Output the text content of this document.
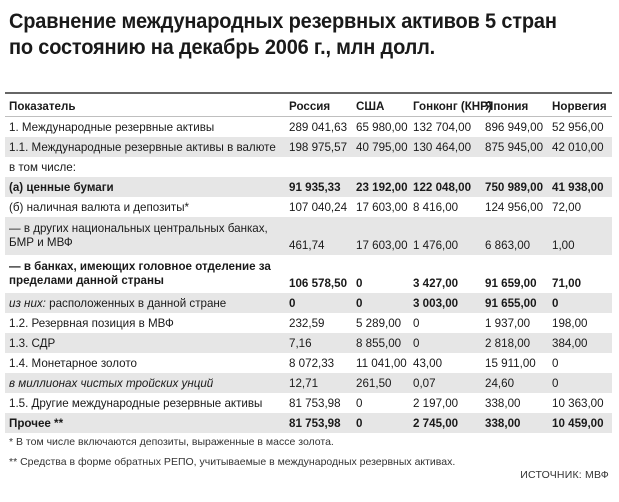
Сравнение международных резервных активов 5 стран
по состоянию на декабрь 2006 г., млн долл.
Показатель	Россия	США	Гонконг (КНР)	Япония	Норвегия
1. Международные резервные активы	289 041,63	65 980,00	132 704,00	896 949,00	52 956,00
1.1. Международные резервные активы в валюте	198 975,57	40 795,00	130 464,00	875 945,00	42 010,00
в том числе:					
(а) ценные бумаги	91 935,33	23 192,00	122 048,00	750 989,00	41 938,00
(б) наличная валюта и депозиты*	107 040,24	17 603,00	8 416,00	124 956,00	72,00
— в других национальных центральных банках, БМР и МВФ	461,74	17 603,00	1 476,00	6 863,00	1,00
— в банках, имеющих головное отделение за пределами данной страны	106 578,50	0	3 427,00	91 659,00	71,00
из них: расположенных в данной стране	0	0	3 003,00	91 655,00	0
1.2. Резервная позиция в МВФ	232,59	5 289,00	0	1 937,00	198,00
1.3. СДР	7,16	8 855,00	0	2 818,00	384,00
1.4. Монетарное золото	8 072,33	11 041,00	43,00	15 911,00	0
в миллионах чистых тройских унций	12,71	261,50	0,07	24,60	0
1.5. Другие международные резервные активы	81 753,98	0	2 197,00	338,00	10 363,00
Прочее **	81 753,98	0	2 745,00	338,00	10 459,00
* В том числе включаются депозиты, выраженные в массе золота.
** Средства в форме обратных РЕПО, учитываемые в международных резервных активах.
ИСТОЧНИК: МВФ
